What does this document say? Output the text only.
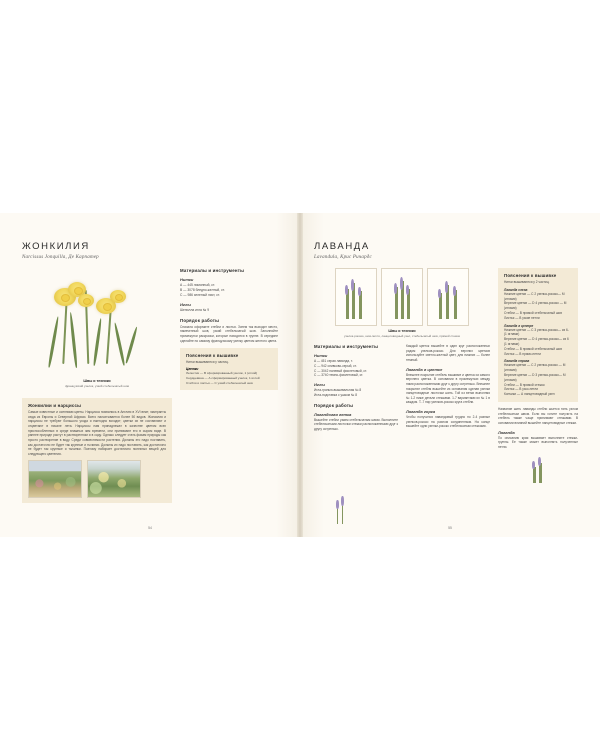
ЖОНКИЛИЯ
Narcissus Jonquilla, Де Карпатер
Швы и техники
французский узелок, узкий стебельчатый шов
Жонкилии и нарциссы

Самые известные и осенними цветы. Нарцисса появились в Англию в XVI веке; эмигранты сюда из Европы и Северной Африки. Всего насчитывается более 50 видов. Жонкилия и нарциссы не требуют большого ухода и ежегодно всходят; цветки их не составляют и отцветают в начале лета. Нарциссы нам принадлежат в качестве цветом всех приспособленных в среде влажных зим времени, они принимают его в сыром виде. В раннее природе растут в растворенном и в саду. Однако следует стать фазам природы как просто растворение в воду. Среди совместимости растения. Должны это надо поставить, как достаточно не будет так крупные и тычинки. Должны их надо поставить, как достаточно не будет так крупные и тычинки. Поэтому набирает достаточно полезных вещей для следующего цветения.

Материалы и инструменты
Нитки
А — 445 лимонный, ст.
В — 3078 бледно-желтый, ст.
С — 986 зеленый лист, ст.
Иглы
Шенилла игла № 9
Порядок работы

Сначала оформите стебли и листья. Затем так выходит место, намеченный шов, узкий стебельчатый шов. Заполняйте промежутки раскраски, которые находятся в группе. В середине сделайте по самому французскому узелку цветом желтого цвета.

Пояснения к вышивке
Нитки вышиваются у частиц.
Цветки
Лепестки — В сформированный узелок, 1 (иглой)
Сердцевина — А сформированный узелок, 1 иглой
Стебли и листья — С узкий стебельчатый шов
54
ЛАВАНДА
Lavandula, Крис Ричардс
Швы и техники
узелок-рококо, шов-петля, ланцетовидный узел, стебельчатый шов, прямой стежок
Материалы и инструменты
Нитки
A — 451 серая лаванда, т.
C — 942 оливково-серый, ст.
C — 3042 палевый фиолетовый, ст.
С — 3740 темно-фиолетовый, ст.
Иглы
Игла-гранью-вышивальная № 8
Игла-подставка с ушком № 8
Порядок работы
Лавандовая ветка

Вышейте стебли узким стебельчатым швом. Выполните стебельчатыми листочки стежки расположенными друг к другу остренько.

Каждый цветок вышейте в один круг расположенных рядом узелков-рококо. Для верхних цветков используйте светло-желтый цвет, для нижних — более темный.

Лаванда в цветке

Внешнее покрытие стебель вышивке и цветка из самого верхнего цветка. В основании в промежутках между ними расположенными друг к другу остренько. Внешнее покрытие стебля вышейте из основания сделав узелки ланцетовидные листочки шить. Той из ветки выполняя № 1-2 ниже детали стежками. 1-7 вариантами их № 1 в каждом. Т.-7 пар узелков-рококо круга стебли.

Лаванда горка

Чтобы получился лавандовый трудно по 2-4 разные узелков-рококо на разном соединенным. На конце вышейте одни узелки-рококо стебельчатым стежками.

Пояснения к вышивке
Нитки вышиваются у 2 частиц.
Лаванда слева
Нижние цветки — С 2 узелка-рококо— М (иглами)
Верхние цветки — D 4 узелка-рококо — М (иглами)
Стебли — В прямой стебельчатый шов
Листья — В узкие петли
Лаванда в центре
Нижние цветки — С 3 узелка-рококо— из 6- (1 иглами)
Верхние цветки — D 4 узелка-рококо— из 6 (1 иглами)
Стебли — В прямой стебельчатый шов
Листья — В прямо-петли
Лаванда справа
Нижние цветки — С 2 узелка-рококо — М (иглами)
Верхние цветки — D 3 узелка-рококо— М (иглами)
Стебли — В прямой стежок
Листья — В узко-петли
Кончики — А ланцетовидный узел

Название шить лаванды стебли шьется нить узлом стебельчатым швом. Если вы хотите получить на стебель также чаще принимают стежками. В основании влияний вышейте ланцетовидные стежки.

Лаванда

По описанию края вышивает выполните стежки-группы. Ее также может выполнять полученные петли.

55
